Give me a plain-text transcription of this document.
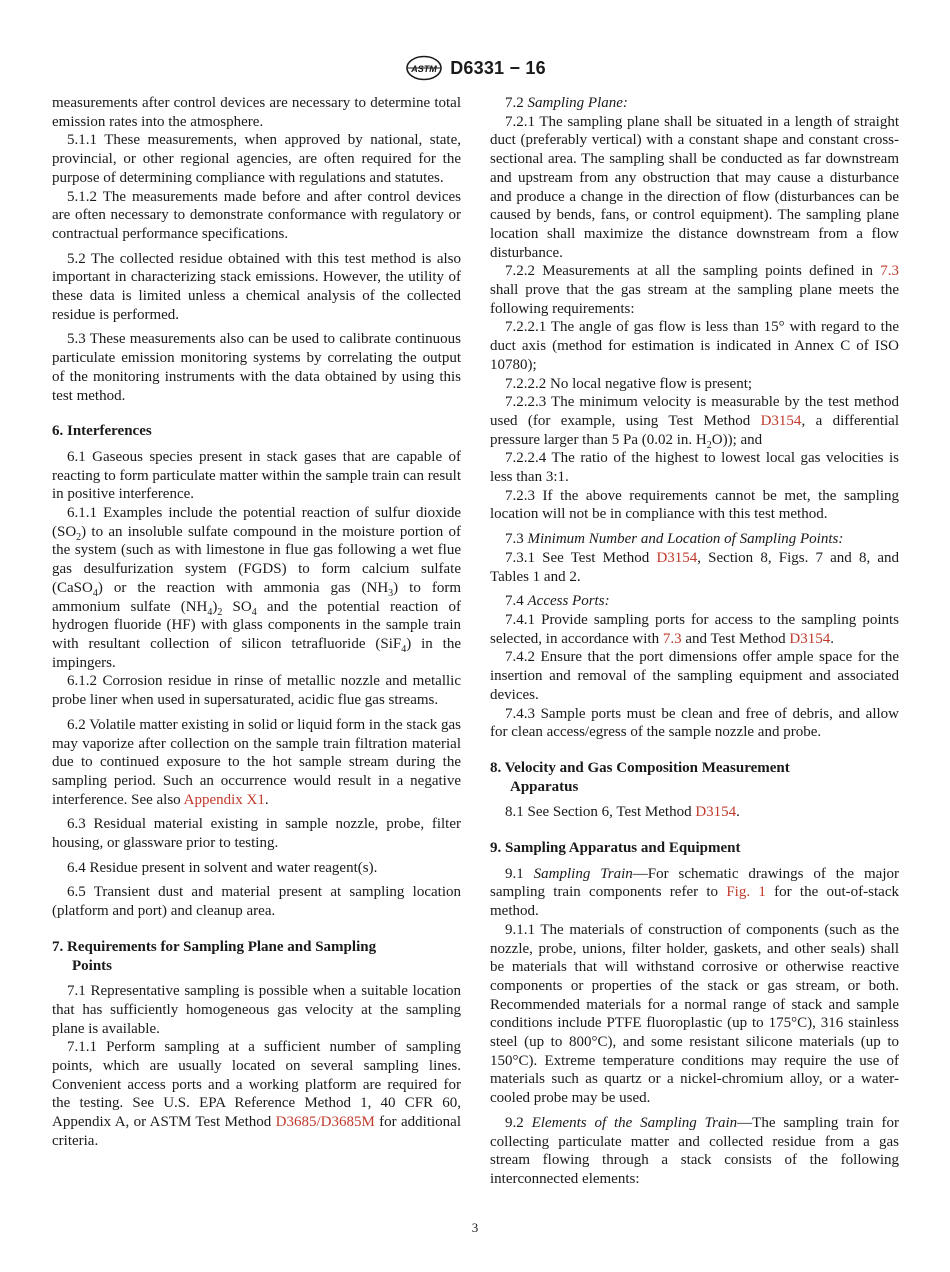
ASTM D6331 − 16

measurements after control devices are necessary to determine total emission rates into the atmosphere.

5.1.1 These measurements, when approved by national, state, provincial, or other regional agencies, are often required for the purpose of determining compliance with regulations and statutes.

5.1.2 The measurements made before and after control devices are often necessary to demonstrate conformance with regulatory or contractual performance specifications.

5.2 The collected residue obtained with this test method is also important in characterizing stack emissions. However, the utility of these data is limited unless a chemical analysis of the collected residue is performed.

5.3 These measurements also can be used to calibrate continuous particulate emission monitoring systems by correlating the output of the monitoring instruments with the data obtained by using this test method.

6. Interferences

6.1 Gaseous species present in stack gases that are capable of reacting to form particulate matter within the sample train can result in positive interference.

6.1.1 Examples include the potential reaction of sulfur dioxide $(SO_2)$ to an insoluble sulfate compound in the moisture portion of the system (such as with limestone in flue gas following a wet flue gas desulfurization system (FGDS) to form calcium sulfate (CaSO$_4$) or the reaction with ammonia gas $(NH_3)$ to form ammonium sulfate $(NH_4)_2$ $SO_4$ and the potential reaction of hydrogen fluoride (HF) with glass components in the sample train with resultant collection of silicon tetrafluoride (SiF$_4$) in the impingers.

6.1.2 Corrosion residue in rinse of metallic nozzle and metallic probe liner when used in supersaturated, acidic flue gas streams.

6.2 Volatile matter existing in solid or liquid form in the stack gas may vaporize after collection on the sample train filtration material due to continued exposure to the hot sample stream during the sampling period. Such an occurrence would result in a negative interference. See also Appendix X1.

6.3 Residual material existing in sample nozzle, probe, filter housing, or glassware prior to testing.

6.4 Residue present in solvent and water reagent(s).

6.5 Transient dust and material present at sampling location (platform and port) and cleanup area.

7. Requirements for Sampling Plane and Sampling
Points

7.1 Representative sampling is possible when a suitable location that has sufficiently homogeneous gas velocity at the sampling plane is available.

7.1.1 Perform sampling at a sufficient number of sampling points, which are usually located on several sampling lines. Convenient access ports and a working platform are required for the testing. See U.S. EPA Reference Method 1, 40 CFR 60, Appendix A, or ASTM Test Method D3685/D3685M for additional criteria.

7.2 Sampling Plane:

7.2.1 The sampling plane shall be situated in a length of straight duct (preferably vertical) with a constant shape and constant cross-sectional area. The sampling shall be conducted as far downstream and upstream from any obstruction that may cause a disturbance and produce a change in the direction of flow (disturbances can be caused by bends, fans, or control equipment). The sampling plane location shall maximize the distance downstream from a flow disturbance.

7.2.2 Measurements at all the sampling points defined in 7.3 shall prove that the gas stream at the sampling plane meets the following requirements:

7.2.2.1 The angle of gas flow is less than 15° with regard to the duct axis (method for estimation is indicated in Annex C of ISO 10780);

7.2.2.2 No local negative flow is present;

7.2.2.3 The minimum velocity is measurable by the test method used (for example, using Test Method D3154, a differential pressure larger than 5 Pa (0.02 in. $H_2O$)); and

7.2.2.4 The ratio of the highest to lowest local gas velocities is less than 3:1.

7.2.3 If the above requirements cannot be met, the sampling location will not be in compliance with this test method.

7.3 Minimum Number and Location of Sampling Points:

7.3.1 See Test Method D3154, Section 8, Figs. 7 and 8, and Tables 1 and 2.

7.4 Access Ports:

7.4.1 Provide sampling ports for access to the sampling points selected, in accordance with 7.3 and Test Method D3154.

7.4.2 Ensure that the port dimensions offer ample space for the insertion and removal of the sampling equipment and associated devices.

7.4.3 Sample ports must be clean and free of debris, and allow for clean access/egress of the sample nozzle and probe.

8. Velocity and Gas Composition Measurement
Apparatus

8.1 See Section 6, Test Method D3154.

9. Sampling Apparatus and Equipment

9.1 Sampling Train—For schematic drawings of the major sampling train components refer to Fig. 1 for the out-of-stack method.

9.1.1 The materials of construction of components (such as the nozzle, probe, unions, filter holder, gaskets, and other seals) shall be materials that will withstand corrosive or otherwise reactive components or properties of the stack or gas stream, or both. Recommended materials for a normal range of stack and sample conditions include PTFE fluoroplastic (up to 175°C), 316 stainless steel (up to 800°C), and some resistant silicone materials (up to 150°C). Extreme temperature conditions may require the use of materials such as quartz or a nickel-chromium alloy, or a water-cooled probe may be used.

9.2 Elements of the Sampling Train—The sampling train for collecting particulate matter and collected residue from a gas stream flowing through a stack consists of the following interconnected elements:

3
